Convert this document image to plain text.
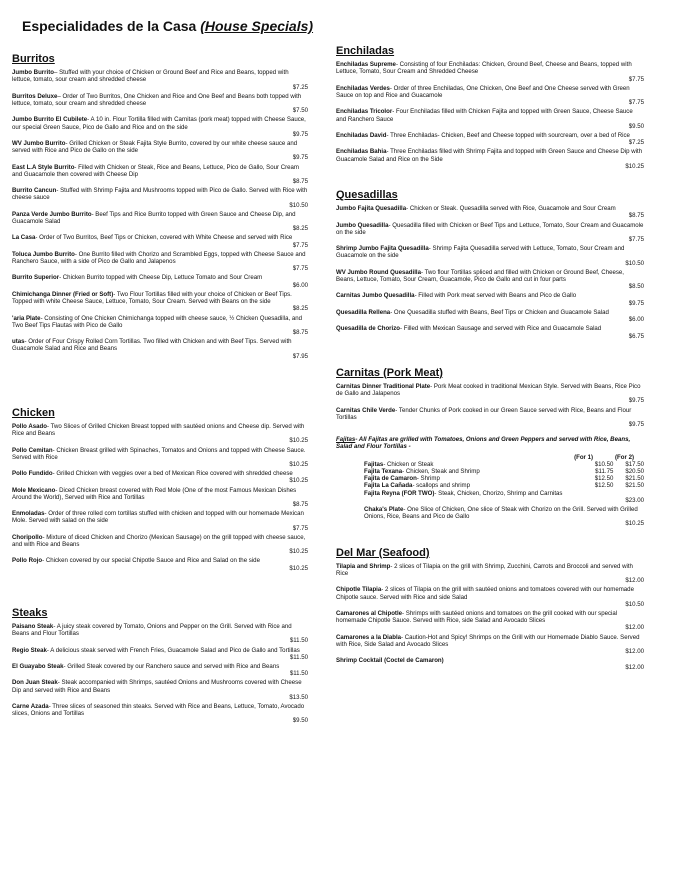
Especialidades de la Casa (House Specials)
Burritos
Jumbo Burrito– Stuffed with your choice of Chicken or Ground Beef and Rice and Beans, topped with lettuce, tomato, sour cream and shredded cheese
$7.25
Burritos Deluxe– Order of Two Burritos, One Chicken and Rice and One Beef and Beans both topped with lettuce, tomato, sour cream and shredded cheese
$7.50
Jumbo Burrito El Cubilete- A 10 in. Flour Tortilla filled with Carnitas (pork meat) topped with Cheese Sauce, our special Green Sauce, Pico de Gallo and Rice and on the side
$9.75
WV Jumbo Burrito- Grilled Chicken or Steak Fajita Style Burrito, covered by our white cheese sauce and served with Rice and Pico de Gallo on the side
$9.75
East L.A Style Burrito- Filled with Chicken or Steak, Rice and Beans, Lettuce, Pico de Gallo, Sour Cream and Guacamole then covered with Cheese Dip
$8.75
Burrito Cancun- Stuffed with Shrimp Fajita and Mushrooms topped with Pico de Gallo. Served with Rice with cheese sauce
$10.50
Panza Verde Jumbo Burrito- Beef Tips and Rice Burrito topped with Green Sauce and Cheese Dip, and Guacamole Salad
$8.25
La Casa- Order of Two Burritos, Beef Tips or Chicken, covered with White Cheese and served with Rice
$7.75
Toluca Jumbo Burrito- One Burrito filled with Chorizo and Scrambled Eggs, topped with Cheese Sauce and Ranchero Sauce, with a side of Pico de Gallo and Jalapenos
$7.75
Burrito Superior- Chicken Burrito topped with Cheese Dip, Lettuce Tomato and Sour Cream
$6.00
Chimichanga Dinner (Fried or Soft)- Two Flour Tortillas filled with your choice of Chicken or Beef Tips. Topped with white Cheese Sauce, Lettuce, Tomato, Sour Cream. Served with Beans on the side
$8.25
'aria Plate- Consisting of One Chicken Chimichanga topped with cheese sauce, ½ Chicken Quesadilla, and Two Beef Tips Flautas with Pico de Gallo
$8.75
utas- Order of Four Crispy Rolled Corn Tortillas. Two filled with Chicken and with Beef Tips. Served with Guacamole Salad and Rice and Beans
$7.95
Chicken
Pollo Asado- Two Slices of Grilled Chicken Breast topped with sautéed onions and Cheese dip. Served with Rice and Beans
$10.25
Pollo Cemitan- Chicken Breast grilled with Spinaches, Tomatos and Onions and topped with Cheese Sauce. Served with Rice
$10.25
Pollo Fundido- Grilled Chicken with veggies over a bed of Mexican Rice covered with shredded cheese
$10.25
Mole Mexicano- Diced Chicken breast covered with Red Mole (One of the most Famous Mexican Dishes Around the World), Served with Rice and Tortillas
$8.75
Enmoladas- Order of three rolled corn tortillas stuffed with chicken and topped with our homemade Mexican Mole. Served with salad on the side
$7.75
Choripollo- Mixture of diced Chicken and Chorizo (Mexican Sausage) on the grill topped with cheese sauce, and with Rice and Beans
$10.25
Pollo Rojo- Chicken covered by our special Chipotle Sauce and Rice and Salad on the side
$10.25
Steaks
Paisano Steak- A juicy steak covered by Tomato, Onions and Pepper on the Grill. Served with Rice and Beans and Flour Tortillas
$11.50
Regio Steak- A delicious steak served with French Fries, Guacamole Salad and Pico de Gallo and Tortillas
$11.50
El Guayabo Steak- Grilled Steak covered by our Ranchero sauce and served with Rice and Beans
$11.50
Don Juan Steak- Steak accompanied with Shrimps, sautéed Onions and Mushrooms covered with Cheese Dip and served with Rice and Beans
$13.50
Carne Azada- Three slices of seasoned thin steaks. Served with Rice and Beans, Lettuce, Tomato, Avocado slices, Onions and Tortillas
$9.50
Enchiladas
Enchiladas Supreme- Consisting of four Enchiladas: Chicken, Ground Beef, Cheese and Beans, topped with Lettuce, Tomato, Sour Cream and Shredded Cheese
$7.75
Enchiladas Verdes- Order of three Enchiladas, One Chicken, One Beef and One Cheese served with Green Sauce on top and Rice and Guacamole
$7.75
Enchiladas Tricolor- Four Enchiladas filled with Chicken Fajita and topped with Green Sauce, Cheese Sauce and Ranchero Sauce
$9.50
Enchiladas David- Three Enchiladas- Chicken, Beef and Cheese topped with sourcream, over a bed of Rice
$7.25
Enchiladas Bahia- Three Enchiladas filled with Shrimp Fajita and topped with Green Sauce and Cheese Dip with Guacamole Salad and Rice on the Side
$10.25
Quesadillas
Jumbo Fajita Quesadilla- Chicken or Steak. Quesadilla served with Rice, Guacamole and Sour Cream
$8.75
Jumbo Quesadilla- Quesadilla filled with Chicken or Beef Tips and Lettuce, Tomato, Sour Cream and Guacamole on the side
$7.75
Shrimp Jumbo Fajita Quesadilla- Shrimp Fajita Quesadilla served with Lettuce, Tomato, Sour Cream and Guacamole on the side
$10.50
WV Jumbo Round Quesadilla- Two flour Tortillas spliced and filled with Chicken or Ground Beef, Cheese, Beans, Lettuce, Tomato, Sour Cream, Guacamole, Pico de Gallo and cut in four parts
$8.50
Carnitas Jumbo Quesadilla- Filled with Pork meat served with Beans and Pico de Gallo
$9.75
Quesadilla Rellena- One Quesadilla stuffed with Beans, Beef Tips or Chicken and Guacamole Salad
$6.00
Quesadilla de Chorizo- Filled with Mexican Sausage and served with Rice and Guacamole Salad
$6.75
Carnitas (Pork Meat)
Carnitas Dinner Traditional Plate- Pork Meat cooked in traditional Mexican Style. Served with Beans, Rice Pico de Gallo and Jalapenos
$9.75
Carnitas Chile Verde- Tender Chunks of Pork cooked in our Green Sauce served with Rice, Beans and Flour Tortillas
$9.75
Fajitas- All Fajitas are grilled with Tomatoes, Onions and Green Peppers and served with Rice, Beans, Salad and Flour Tortillas -
(For 1)	(For 2)
Fajitas- Chicken or Steak	$10.50 $17.50
Fajita Texana- Chicken, Steak and Shrimp	$11.75 $20.50
Fajita de Camaron- Shrimp	$12.50 $21.50
Fajita La Cañada- scallops and shrimp	$12.50 $21.50
Fajita Reyna (FOR TWO)- Steak, Chicken, Chorizo, Shrimp and Carnitas
$23.00
Chaka's Plate- One Slice of Chicken, One slice of Steak with Chorizo on the Grill. Served with Grilled Onions, Rice, Beans and Pico de Gallo
$10.25
Del Mar (Seafood)
Tilapia and Shrimp- 2 slices of Tilapia on the grill with Shrimp, Zucchini, Carrots and Broccoli and served with Rice
$12.00
Chipotle Tilapia- 2 slices of Tilapia on the grill with sautéed onions and tomatoes covered with our homemade Chipotle sauce. Served with Rice and side Salad
$10.50
Camarones al Chipotle- Shrimps with sautéed onions and tomatoes on the grill cooked with our special homemade Chipotle Sauce. Served with Rice, side Salad and Avocado Slices
$12.00
Camarones a la Diabla- Caution-Hot and Spicy! Shrimps on the Grill with our Homemade Diablo Sauce. Served with Rice, Side Salad and Avocado Slices
$12.00
Shrimp Cocktail (Coctel de Camaron)
$12.00
